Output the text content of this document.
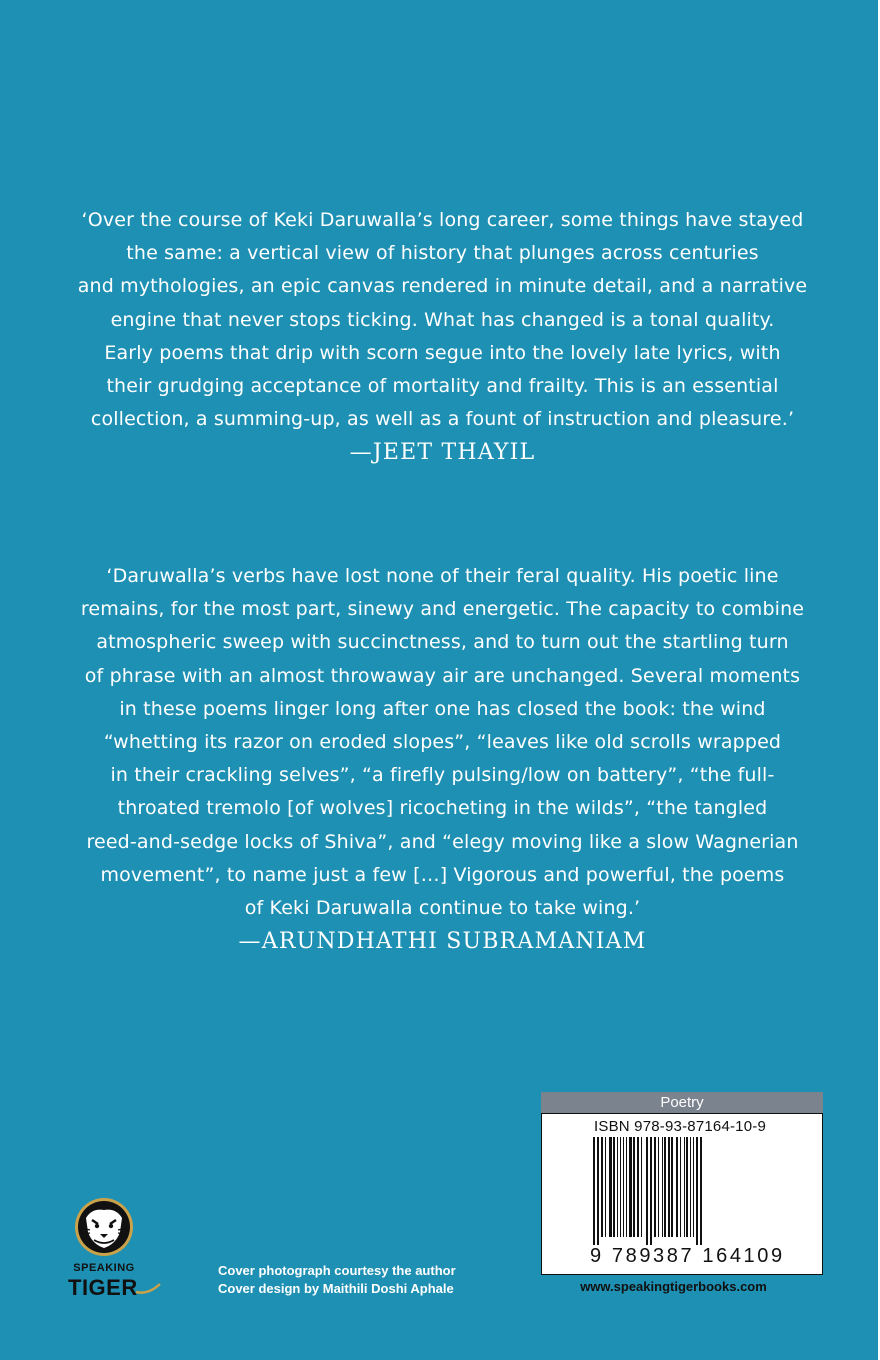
‘Over the course of Keki Daruwalla’s long career, some things have stayed

the same: a vertical view of history that plunges across centuries

and mythologies, an epic canvas rendered in minute detail, and a narrative

engine that never stops ticking. What has changed is a tonal quality.

Early poems that drip with scorn segue into the lovely late lyrics, with

their grudging acceptance of mortality and frailty. This is an essential

collection, a summing-up, as well as a fount of instruction and pleasure.’

—JEET THAYIL

‘Daruwalla’s verbs have lost none of their feral quality. His poetic line

remains, for the most part, sinewy and energetic. The capacity to combine

atmospheric sweep with succinctness, and to turn out the startling turn

of phrase with an almost throwaway air are unchanged. Several moments

in these poems linger long after one has closed the book: the wind

“whetting its razor on eroded slopes”, “leaves like old scrolls wrapped

in their crackling selves”, “a firefly pulsing/low on battery”, “the full-

throated tremolo [of wolves] ricocheting in the wilds”, “the tangled

reed-and-sedge locks of Shiva”, and “elegy moving like a slow Wagnerian

movement”, to name just a few […] Vigorous and powerful, the poems

of Keki Daruwalla continue to take wing.’

—ARUNDHATHI SUBRAMANIAM

Poetry
ISBN 978-93-87164-10-9
9 789387 164109
www.speakingtigerbooks.com
SPEAKING
TIGER
Cover photograph courtesy the author
Cover design by Maithili Doshi Aphale
